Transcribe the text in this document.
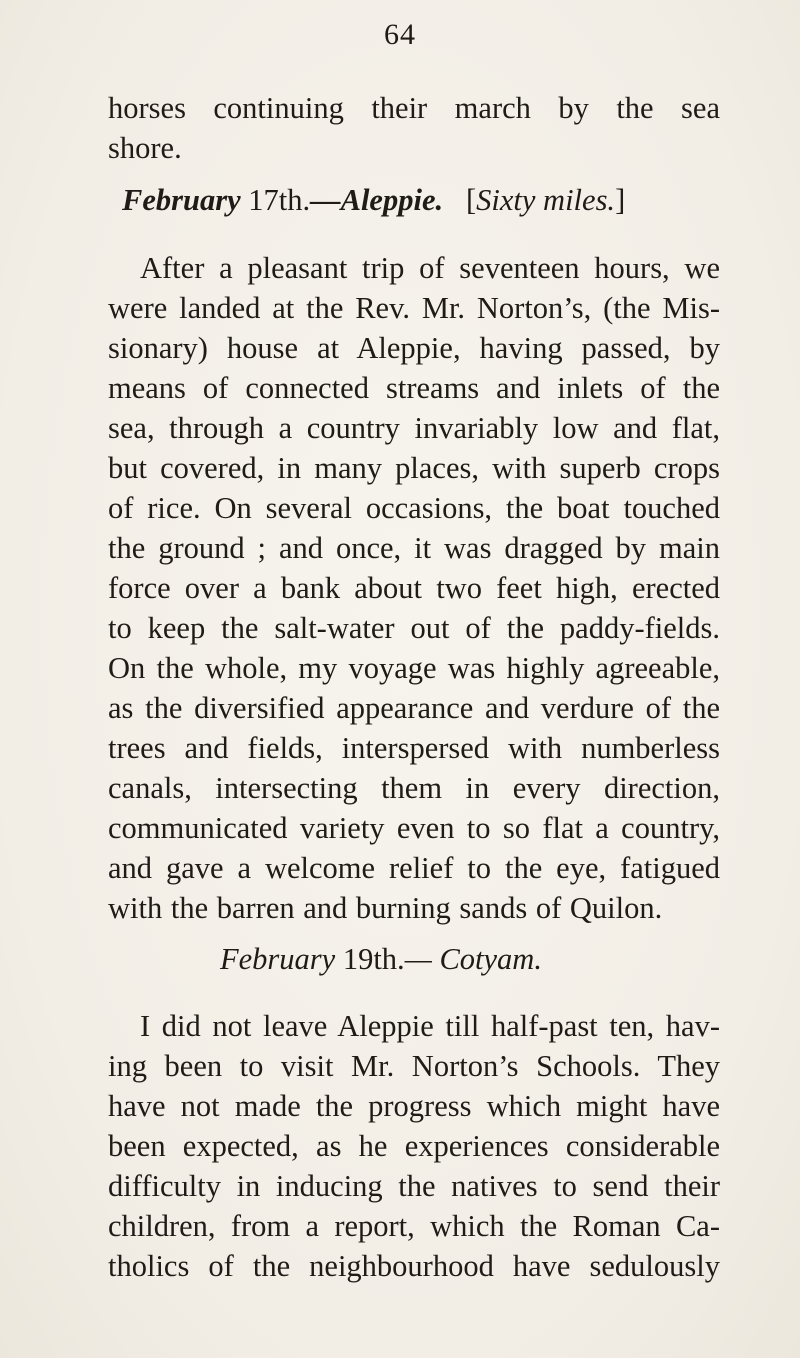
64
horses continuing their march by the sea
shore.
February 17th.—Aleppie. [Sixty miles.]
After a pleasant trip of seventeen hours, we
were landed at the Rev. Mr. Norton’s, (the Mis-
sionary) house at Aleppie, having passed, by
means of connected streams and inlets of the
sea, through a country invariably low and flat,
but covered, in many places, with superb crops
of rice. On several occasions, the boat touched
the ground ; and once, it was dragged by main
force over a bank about two feet high, erected
to keep the salt-water out of the paddy-fields.
On the whole, my voyage was highly agreeable,
as the diversified appearance and verdure of the
trees and fields, interspersed with numberless
canals, intersecting them in every direction,
communicated variety even to so flat a country,
and gave a welcome relief to the eye, fatigued
with the barren and burning sands of Quilon.
February 19th.— Cotyam.
I did not leave Aleppie till half-past ten, hav-
ing been to visit Mr. Norton’s Schools. They
have not made the progress which might have
been expected, as he experiences considerable
difficulty in inducing the natives to send their
children, from a report, which the Roman Ca-
tholics of the neighbourhood have sedulously
